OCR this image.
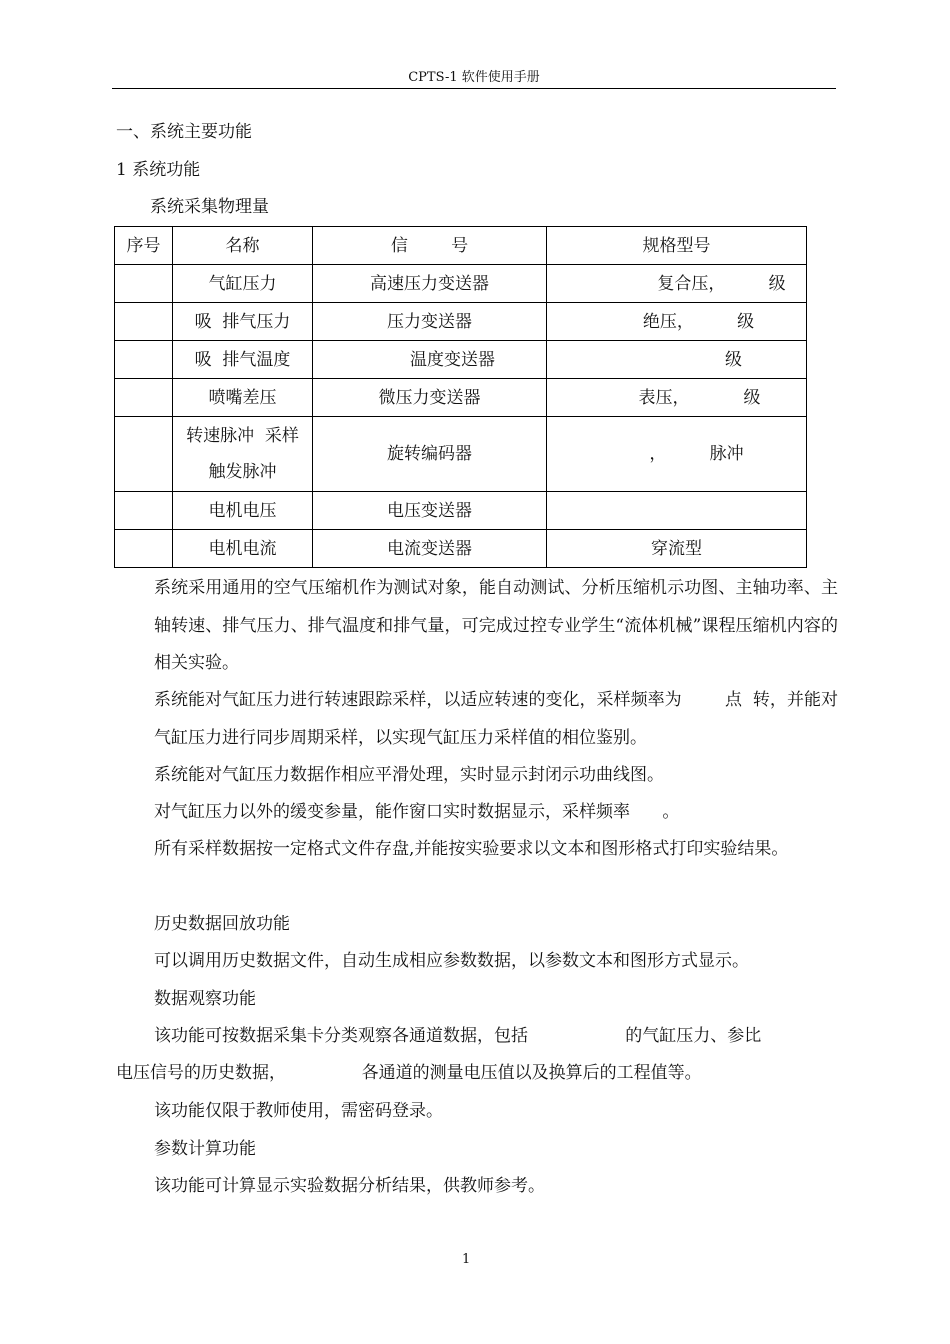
CPTS-1 软件使用手册
一、系统主要功能
1 系统功能
系统采集物理量
序号	名称	信        号	规格型号
	气缸压力	高速压力变送器	复合压，        级
	吸  排气压力	压力变送器	绝压，        级
	吸  排气温度	温度变送器	级
	喷嘴差压	微压力变送器	表压，          级

	转速脉冲  采样
触发脉冲	旋转编码器	，        脉冲
	电机电压	电压变送器	
	电机电流	电流变送器	穿流型
系统采用通用的空气压缩机作为测试对象，能自动测试、分析压缩机示功图、主轴功率、主轴转速、排气压力、排气温度和排气量，可完成过控专业学生“流体机械”课程压缩机内容的相关实验。
系统能对气缸压力进行转速跟踪采样，以适应转速的变化，采样频率为        点  转，并能对气缸压力进行同步周期采样，以实现气缸压力采样值的相位鉴别。
系统能对气缸压力数据作相应平滑处理，实时显示封闭示功曲线图。
对气缸压力以外的缓变参量，能作窗口实时数据显示，采样频率      。
所有采样数据按一定格式文件存盘,并能按实验要求以文本和图形格式打印实验结果。
历史数据回放功能
可以调用历史数据文件，自动生成相应参数数据，以参数文本和图形方式显示。
数据观察功能
该功能可按数据采集卡分类观察各通道数据，包括                  的气缸压力、参比
电压信号的历史数据，              各通道的测量电压值以及换算后的工程值等。
该功能仅限于教师使用，需密码登录。
参数计算功能
该功能可计算显示实验数据分析结果，供教师参考。
1
